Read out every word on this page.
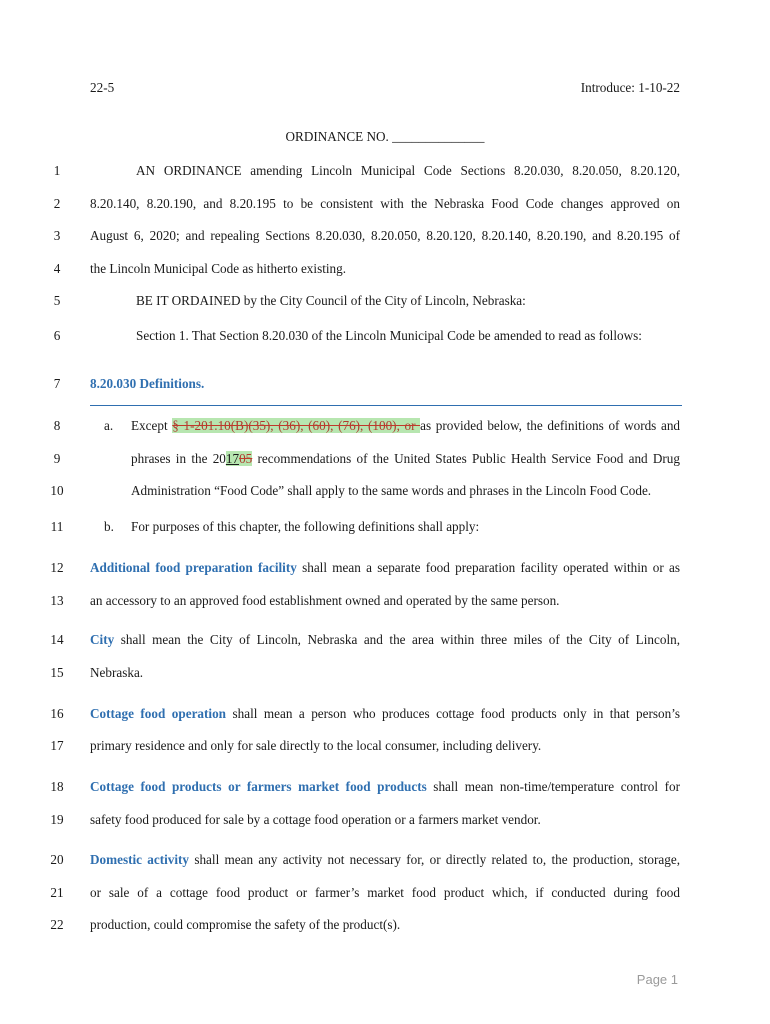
22-5	Introduce: 1-10-22
ORDINANCE NO. ______________
1
2
3
4
5
6
7
8
9
10
11
12
13
14
15
16
17
18
19
20
21
22
AN ORDINANCE amending Lincoln Municipal Code Sections 8.20.030, 8.20.050, 8.20.120,
8.20.140, 8.20.190, and 8.20.195 to be consistent with the Nebraska Food Code changes approved on
August 6, 2020; and repealing Sections 8.20.030, 8.20.050, 8.20.120, 8.20.140, 8.20.190, and 8.20.195 of
the Lincoln Municipal Code as hitherto existing.
BE IT ORDAINED by the City Council of the City of Lincoln, Nebraska:
Section 1. That Section 8.20.030 of the Lincoln Municipal Code be amended to read as follows:
8.20.030 Definitions.
a. Except § 1-201.10(B)(35), (36), (60), (76), (100), or as provided below, the definitions of words and
phrases in the 201705 recommendations of the United States Public Health Service Food and Drug
Administration “Food Code” shall apply to the same words and phrases in the Lincoln Food Code.
b. For purposes of this chapter, the following definitions shall apply:
Additional food preparation facility shall mean a separate food preparation facility operated within or as
an accessory to an approved food establishment owned and operated by the same person.
City shall mean the City of Lincoln, Nebraska and the area within three miles of the City of Lincoln,
Nebraska.
Cottage food operation shall mean a person who produces cottage food products only in that person’s
primary residence and only for sale directly to the local consumer, including delivery.
Cottage food products or farmers market food products shall mean non-time/temperature control for
safety food produced for sale by a cottage food operation or a farmers market vendor.
Domestic activity shall mean any activity not necessary for, or directly related to, the production, storage,
or sale of a cottage food product or farmer’s market food product which, if conducted during food
production, could compromise the safety of the product(s).
Page 1
